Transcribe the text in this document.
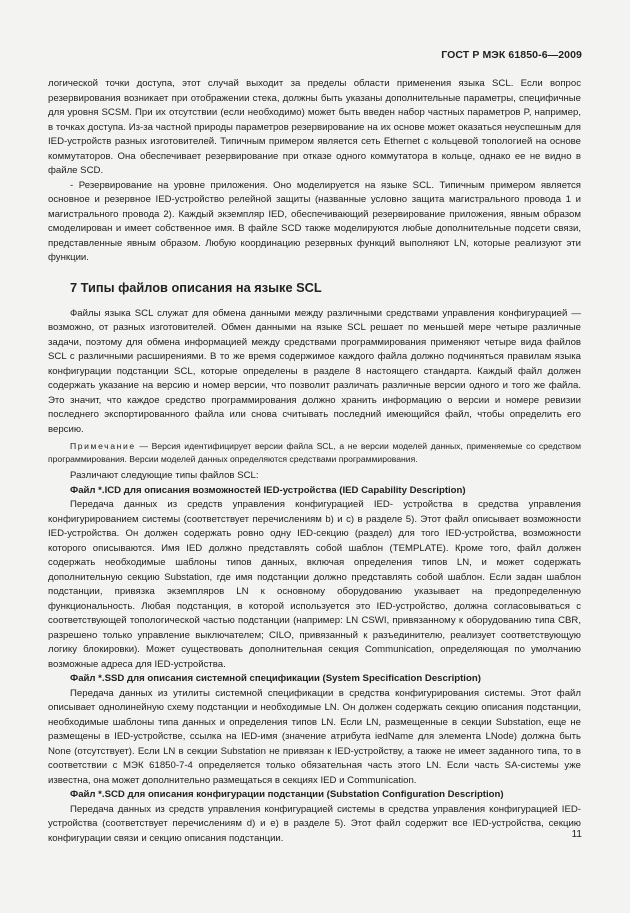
ГОСТ Р МЭК 61850-6—2009

логической точки доступа, этот случай выходит за пределы области применения языка SCL. Если вопрос резервирования возникает при отображении стека, должны быть указаны дополнительные параметры, специфичные для уровня SCSM. При их отсутствии (если необходимо) может быть введен набор частных параметров P, например, в точках доступа. Из-за частной природы параметров резервирование на их основе может оказаться неуспешным для IED-устройств разных изготовителей. Типичным примером является сеть Ethernet с кольцевой топологией на основе коммутаторов. Она обеспечивает резервирование при отказе одного коммутатора в кольце, однако ее не видно в файле SCD.

- Резервирование на уровне приложения. Оно моделируется на языке SCL. Типичным примером является основное и резервное IED-устройство релейной защиты (названные условно защита магистрального провода 1 и магистрального провода 2). Каждый экземпляр IED, обеспечивающий резервирование приложения, явным образом смоделирован и имеет собственное имя. В файле SCD также моделируются любые дополнительные подсети связи, представленные явным образом. Любую координацию резервных функций выполняют LN, которые реализуют эти функции.

7 Типы файлов описания на языке SCL

Файлы языка SCL служат для обмена данными между различными средствами управления конфигурацией — возможно, от разных изготовителей. Обмен данными на языке SCL решает по меньшей мере четыре различные задачи, поэтому для обмена информацией между средствами программирования применяют четыре вида файлов SCL с различными расширениями. В то же время содержимое каждого файла должно подчиняться правилам языка конфигурации подстанции SCL, которые определены в разделе 8 настоящего стандарта. Каждый файл должен содержать указание на версию и номер версии, что позволит различать различные версии одного и того же файла. Это значит, что каждое средство программирования должно хранить информацию о версии и номере ревизии последнего экспортированного файла или снова считывать последний имеющийся файл, чтобы определить его версию.

Примечание — Версия идентифицирует версии файла SCL, а не версии моделей данных, применяемые со средством программирования. Версии моделей данных определяются средствами программирования.

Различают следующие типы файлов SCL:

Файл *.ICD для описания возможностей IED-устройства (IED Capability Description)

Передача данных из средств управления конфигурацией IED- устройства в средства управления конфигурированием системы (соответствует перечислениям b) и с) в разделе 5). Этот файл описывает возможности IED-устройства. Он должен содержать ровно одну IED-секцию (раздел) для того IED-устройства, возможности которого описываются. Имя IED должно представлять собой шаблон (TEMPLATE). Кроме того, файл должен содержать необходимые шаблоны типов данных, включая определения типов LN, и может содержать дополнительную секцию Substation, где имя подстанции должно представлять собой шаблон. Если задан шаблон подстанции, привязка экземпляров LN к основному оборудованию указывает на предопределенную функциональность. Любая подстанция, в которой используется это IED-устройство, должна согласовываться с соответствующей топологической частью подстанции (например: LN CSWI, привязанному к оборудованию типа CBR, разрешено только управление выключателем; CILO, привязанный к разъединителю, реализует соответствующую логику блокировки). Может существовать дополнительная секция Communication, определяющая по умолчанию возможные адреса для IED-устройства.

Файл *.SSD для описания системной спецификации (System Specification Description)

Передача данных из утилиты системной спецификации в средства конфигурирования системы. Этот файл описывает однолинейную схему подстанции и необходимые LN. Он должен содержать секцию описания подстанции, необходимые шаблоны типа данных и определения типов LN. Если LN, размещенные в секции Substation, еще не размещены в IED-устройстве, ссылка на IED-имя (значение атрибута iedName для элемента LNode) должна быть None (отсутствует). Если LN в секции Substation не привязан к IED-устройству, а также не имеет заданного типа, то в соответствии с МЭК 61850-7-4 определяется только обязательная часть этого LN. Если часть SA-системы уже известна, она может дополнительно размещаться в секциях IED и Communication.

Файл *.SCD для описания конфигурации подстанции (Substation Configuration Description)

Передача данных из средств управления конфигурацией системы в средства управления конфигурацией IED-устройства (соответствует перечислениям d) и e) в разделе 5). Этот файл содержит все IED-устройства, секцию конфигурации связи и секцию описания подстанции.	11
